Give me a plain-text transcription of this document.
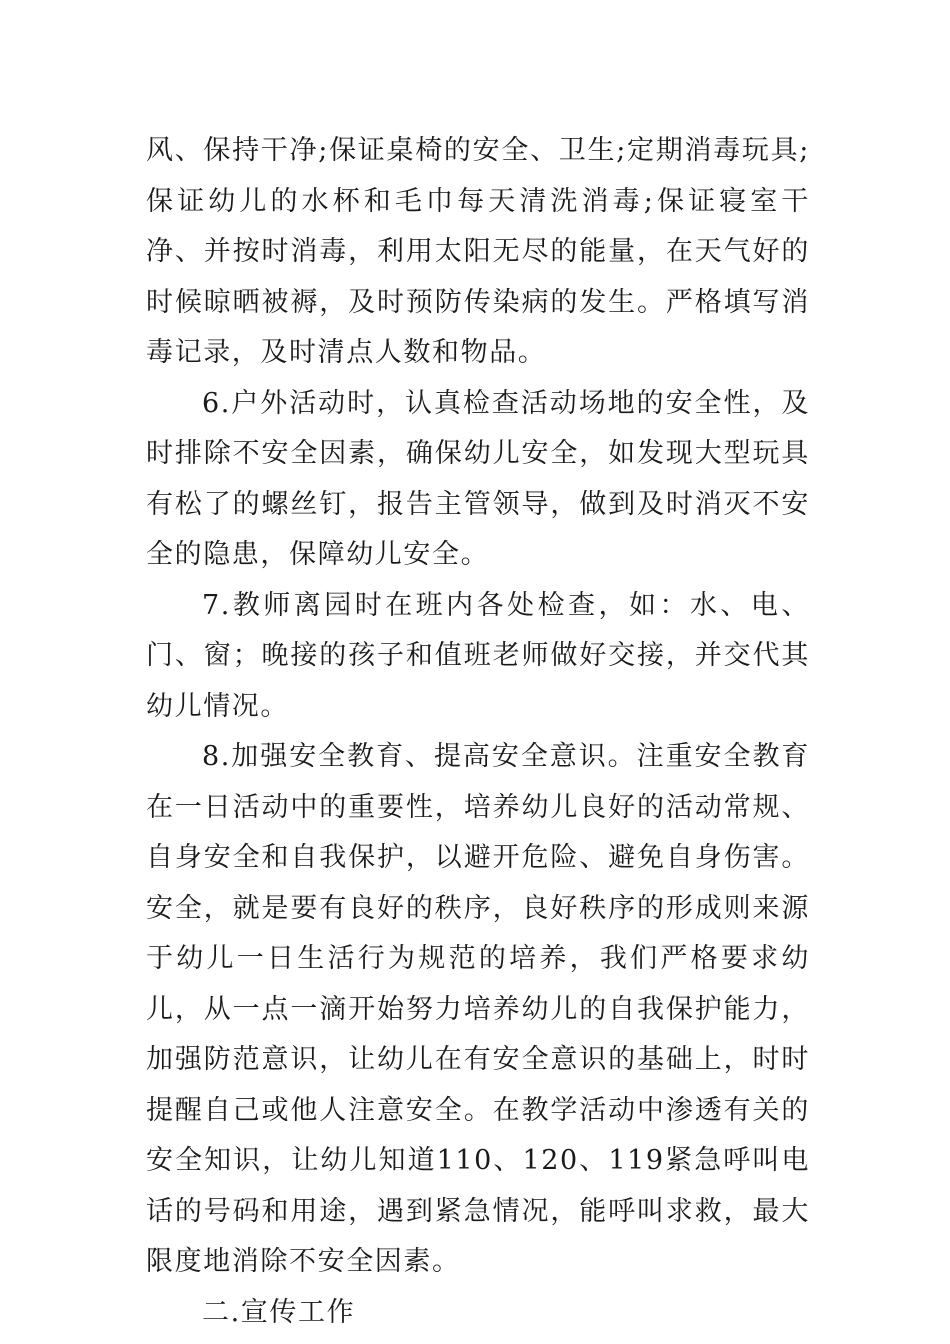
风、保持干净;保证桌椅的安全、卫生;定期消毒玩具;保证幼儿的水杯和毛巾每天清洗消毒;保证寝室干净、并按时消毒，利用太阳无尽的能量，在天气好的时候晾晒被褥，及时预防传染病的发生。严格填写消毒记录，及时清点人数和物品。

6.户外活动时，认真检查活动场地的安全性，及时排除不安全因素，确保幼儿安全，如发现大型玩具有松了的螺丝钉，报告主管领导，做到及时消灭不安全的隐患，保障幼儿安全。

7.教师离园时在班内各处检查，如：水、电、门、窗；晚接的孩子和值班老师做好交接，并交代其幼儿情况。

8.加强安全教育、提高安全意识。注重安全教育在一日活动中的重要性，培养幼儿良好的活动常规、自身安全和自我保护，以避开危险、避免自身伤害。安全，就是要有良好的秩序，良好秩序的形成则来源于幼儿一日生活行为规范的培养，我们严格要求幼儿，从一点一滴开始努力培养幼儿的自我保护能力，加强防范意识，让幼儿在有安全意识的基础上，时时提醒自己或他人注意安全。在教学活动中渗透有关的安全知识，让幼儿知道110、120、119紧急呼叫电话的号码和用途，遇到紧急情况，能呼叫求救，最大限度地消除不安全因素。

二.宣传工作
